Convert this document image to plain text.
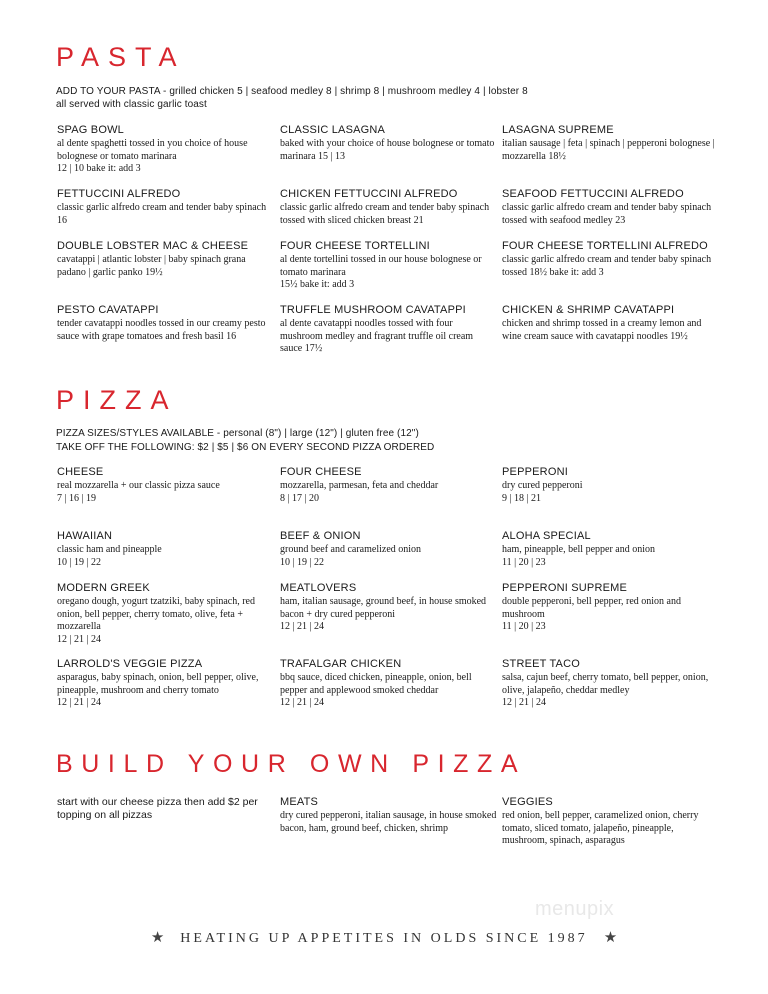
PASTA
ADD TO YOUR PASTA - grilled chicken 5 | seafood medley 8 | shrimp 8 | mushroom medley 4 | lobster 8
all served with classic garlic toast

SPAG BOWL

al dente spaghetti tossed in you choice of house bolognese or tomato marinara

12 | 10 bake it: add 3

CLASSIC LASAGNA

baked with your choice of house bolognese or tomato marinara 15 | 13

LASAGNA SUPREME

italian sausage | feta | spinach | pepperoni bolognese | mozzarella 18½

FETTUCCINI ALFREDO

classic garlic alfredo cream and tender baby spinach 16

CHICKEN FETTUCCINI ALFREDO

classic garlic alfredo cream and tender baby spinach tossed with sliced chicken breast 21

SEAFOOD FETTUCCINI ALFREDO

classic garlic alfredo cream and tender baby spinach tossed with seafood medley 23

DOUBLE LOBSTER MAC & CHEESE

cavatappi | atlantic lobster | baby spinach grana padano | garlic panko 19½

FOUR CHEESE TORTELLINI

al dente tortellini tossed in our house bolognese or tomato marinara

15½ bake it: add 3

FOUR CHEESE TORTELLINI ALFREDO

classic garlic alfredo cream and tender baby spinach tossed 18½ bake it: add 3

PESTO CAVATAPPI

tender cavatappi noodles tossed in our creamy pesto sauce with grape tomatoes and fresh basil 16

TRUFFLE MUSHROOM CAVATAPPI

al dente cavatappi noodles tossed with four mushroom medley and fragrant truffle oil cream sauce 17½

CHICKEN & SHRIMP CAVATAPPI

chicken and shrimp tossed in a creamy lemon and wine cream sauce with cavatappi noodles 19½

PIZZA
PIZZA SIZES/STYLES AVAILABLE - personal (8") | large (12") | gluten free (12")
TAKE OFF THE FOLLOWING: $2 | $5 | $6 ON EVERY SECOND PIZZA ORDERED

CHEESE

real mozzarella + our classic pizza sauce

7 | 16 | 19

FOUR CHEESE

mozzarella, parmesan, feta and cheddar

8 | 17 | 20

PEPPERONI

dry cured pepperoni

9 | 18 | 21

HAWAIIAN

classic ham and pineapple

10 | 19 | 22

BEEF & ONION

ground beef and caramelized onion

10 | 19 | 22

ALOHA SPECIAL

ham, pineapple, bell pepper and onion

11 | 20 | 23

MODERN GREEK

oregano dough, yogurt tzatziki, baby spinach, red onion, bell pepper, cherry tomato, olive, feta + mozzarella

12 | 21 | 24

MEATLOVERS

ham, italian sausage, ground beef, in house smoked bacon + dry cured pepperoni

12 | 21 | 24

PEPPERONI SUPREME

double pepperoni, bell pepper, red onion and mushroom

11 | 20 | 23

LARROLD'S VEGGIE PIZZA

asparagus, baby spinach, onion, bell pepper, olive, pineapple, mushroom and cherry tomato

12 | 21 | 24

TRAFALGAR CHICKEN

bbq sauce, diced chicken, pineapple, onion, bell pepper and applewood smoked cheddar

12 | 21 | 24

STREET TACO

salsa, cajun beef, cherry tomato, bell pepper, onion, olive, jalapeño, cheddar medley

12 | 21 | 24

BUILD YOUR OWN PIZZA

start with our cheese pizza then add $2 per topping on all pizzas

MEATS

dry cured pepperoni, italian sausage, in house smoked bacon, ham, ground beef, chicken, shrimp

VEGGIES

red onion, bell pepper, caramelized onion, cherry tomato, sliced tomato, jalapeño, pineapple, mushroom, spinach, asparagus

menupix
★ HEATING UP APPETITES IN OLDS SINCE 1987 ★
